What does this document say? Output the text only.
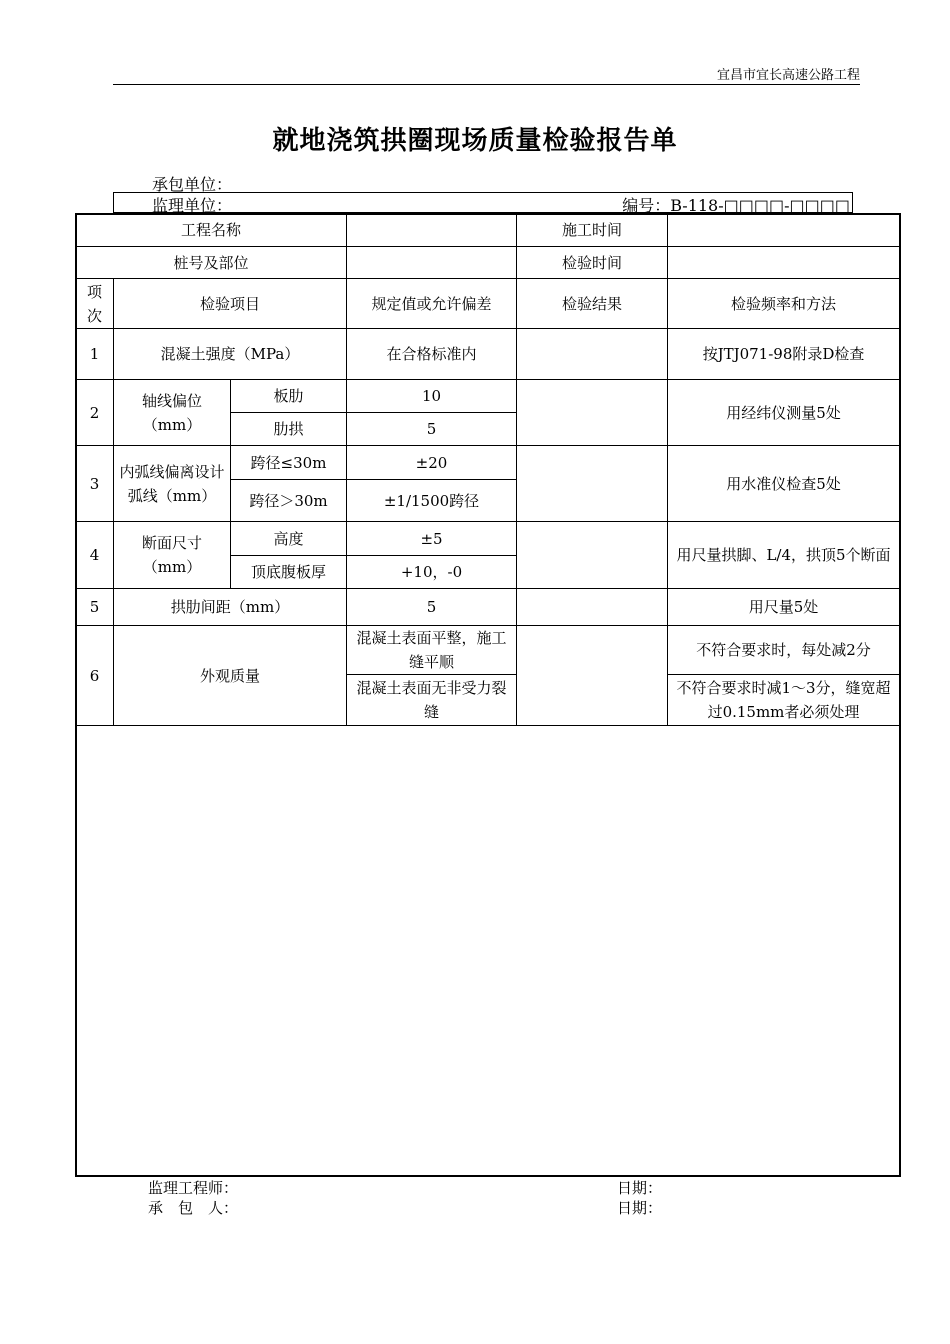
宜昌市宜长高速公路工程
就地浇筑拱圈现场质量检验报告单
承包单位：
监理单位：	编号：B-118-□□□□-□□□□
工程名称				施工时间	
桩号及部位				检验时间	
项次	检验项目		规定值或允许偏差	检验结果	检验频率和方法
1	混凝土强度（MPa）		在合格标准内		按JTJ071-98附录D检查
2	轴线偏位（mm）	板肋	10		用经纬仪测量5处
		肋拱	5		
3	内弧线偏离设计弧线（mm）	跨径≤30m	±20		用水准仪检查5处
		跨径＞30m	±1/1500跨径		
4	断面尺寸（mm）	高度	±5		用尺量拱脚、L/4，拱顶5个断面
		顶底腹板厚	+10，-0		
5	拱肋间距（mm）		5		用尺量5处
6	外观质量		混凝土表面平整，施工缝平顺		不符合要求时，每处减2分
			混凝土表面无非受力裂缝		不符合要求时减1～3分，缝宽超过0.15mm者必须处理
监理工程师：	日期：
承　包　人：	日期：
